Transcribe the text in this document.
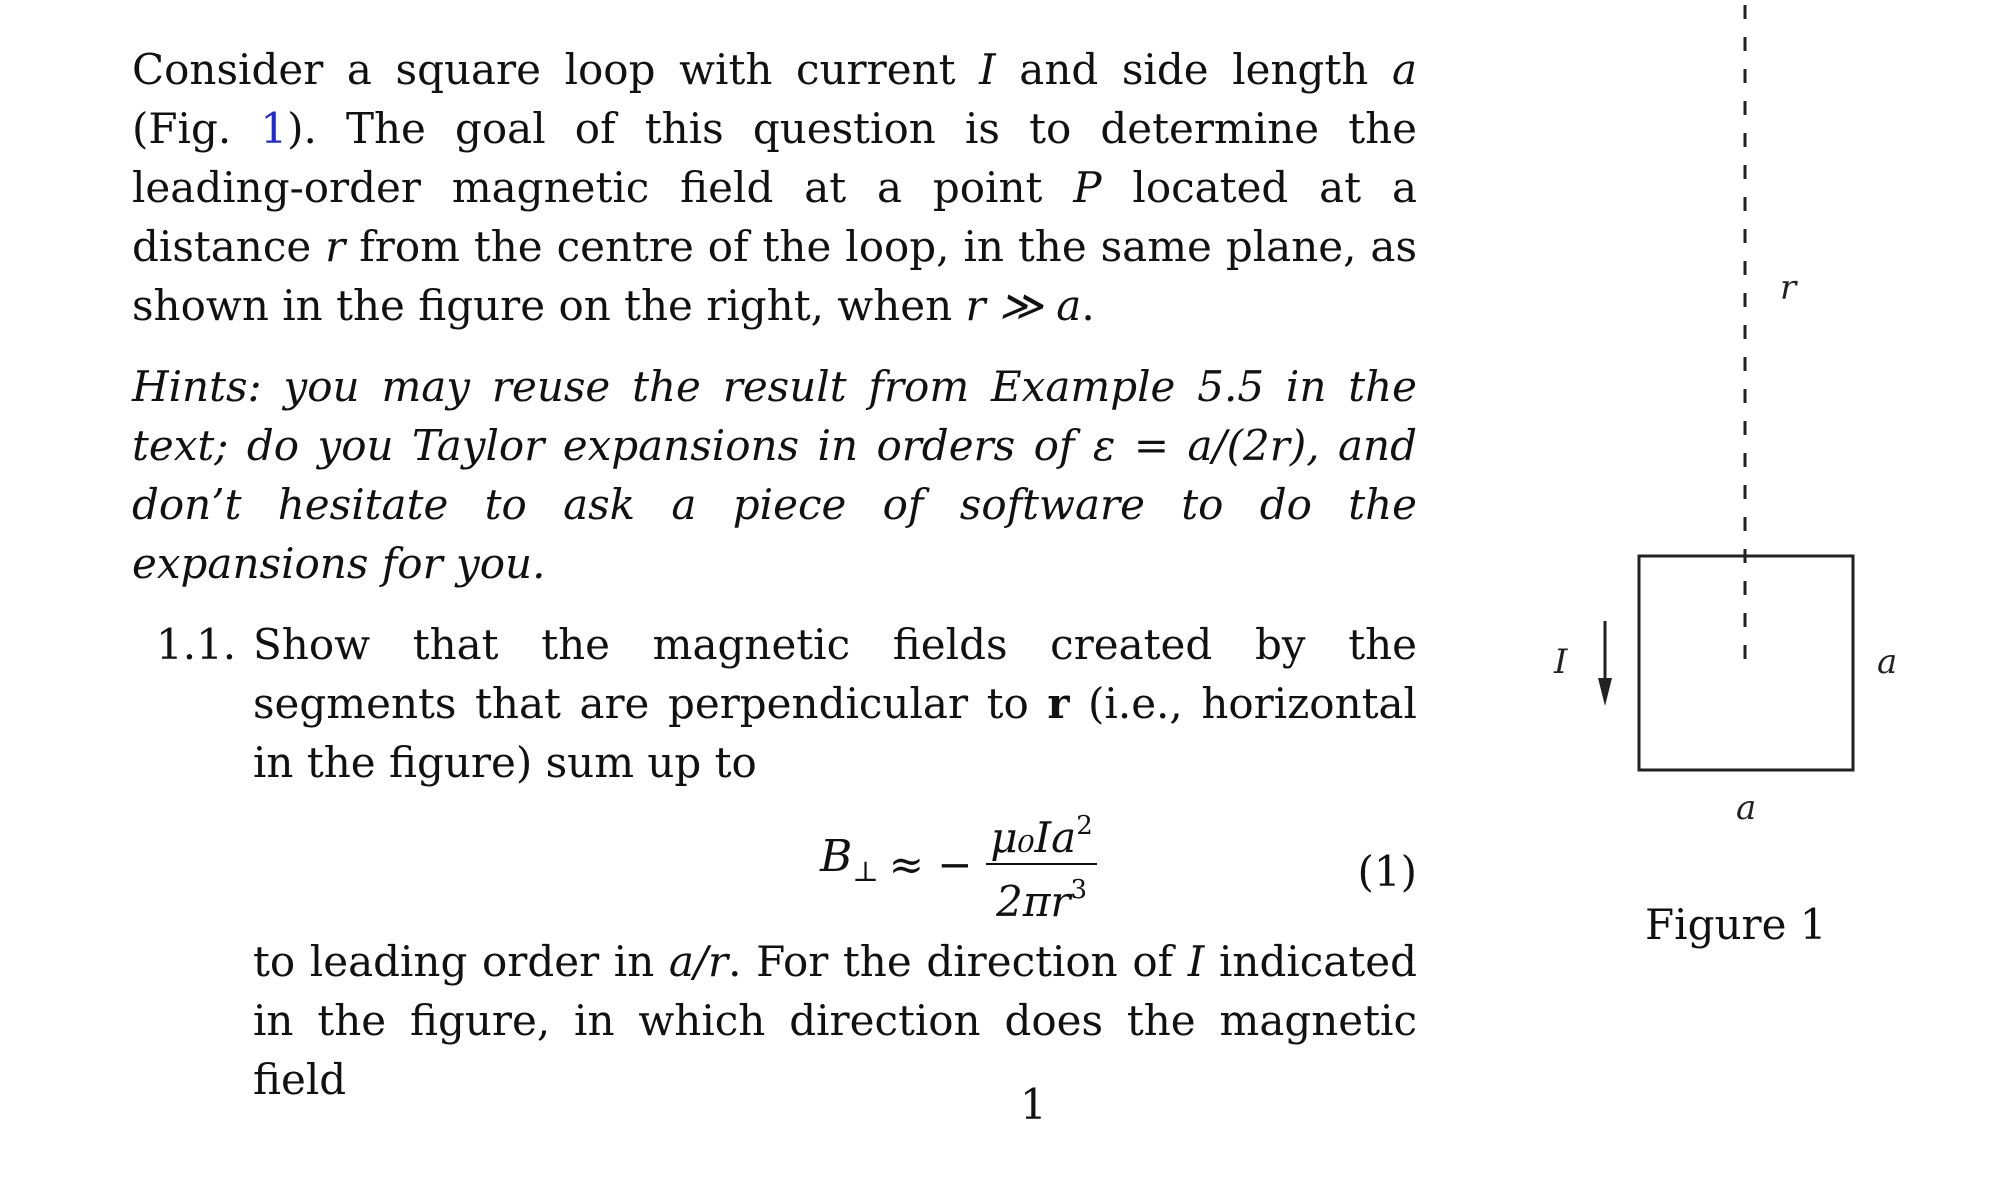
Consider a square loop with current I and side length a (Fig. 1). The goal of this question is to determine the leading-order magnetic field at a point P located at a distance r from the centre of the loop, in the same plane, as shown in the figure on the right, when r ≫ a.

Hints: you may reuse the result from Example 5.5 in the text; do you Taylor expansions in orders of ε = a/(2r), and don’t hesitate to ask a piece of software to do the expansions for you.

1.1. Show that the magnetic fields created by the segments that are perpendicular to r (i.e., horizontal in the figure) sum up to

$B_\perp$ ≈ − $\frac{\mu_0Ia^2}{2\pi r^3}$	(1)

to leading order in a/r. For the direction of I indicated in the figure, in which direction does the magnetic field

r
I	a
a
Figure 1
1
